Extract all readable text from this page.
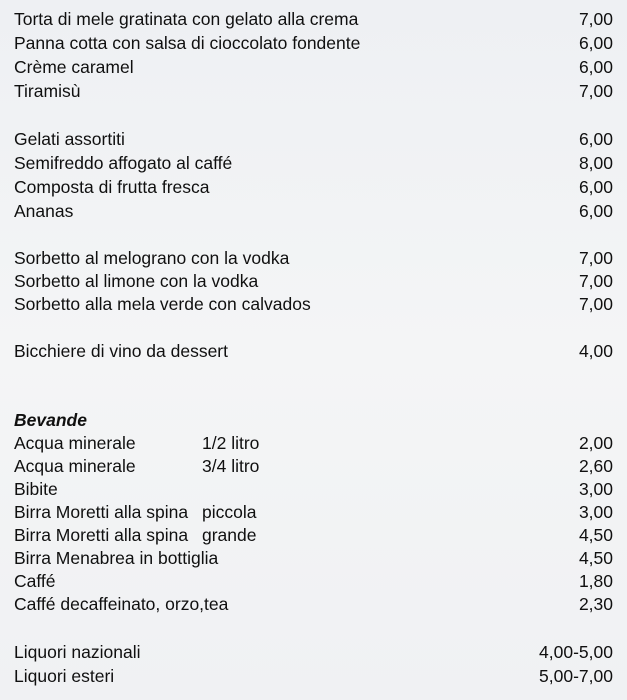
Torta di mele gratinata con gelato alla crema	7,00
Panna cotta con salsa di cioccolato fondente	6,00
Crème caramel	6,00
Tiramisù	7,00
Gelati assortiti	6,00
Semifreddo affogato al caffé	8,00
Composta di frutta fresca	6,00
Ananas	6,00
Sorbetto al melograno con la vodka	7,00
Sorbetto al limone con la vodka	7,00
Sorbetto alla mela verde con calvados	7,00
Bicchiere di vino da dessert	4,00
Bevande
Acqua minerale	1/2 litro	2,00
Acqua minerale	3/4 litro	2,60
Bibite	3,00
Birra Moretti alla spina piccola	3,00
Birra Moretti alla spina grande	4,50
Birra Menabrea in bottiglia	4,50
Caffé	1,80
Caffé decaffeinato, orzo,tea	2,30
Liquori nazionali	4,00-5,00
Liquori esteri	5,00-7,00
